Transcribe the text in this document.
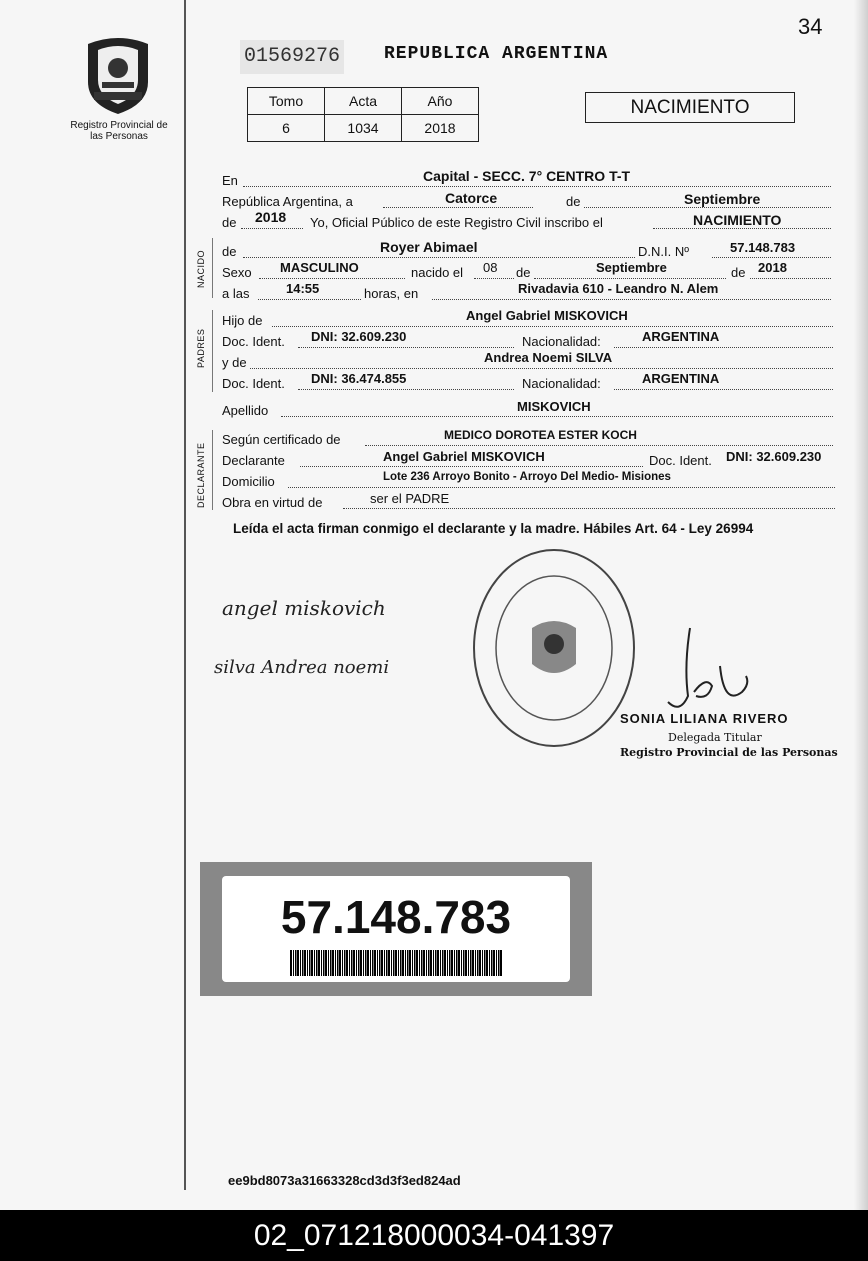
Registro Provincial de las Personas
01569276 REPUBLICA ARGENTINA
34
Tomo	Acta	Año
6	1034	2018
NACIMIENTO
En	Capital - SECC. 7° CENTRO T-T
República Argentina, a	Catorce	de	Septiembre
de 2018 Yo, Oficial Público de este Registro Civil inscribo el	NACIMIENTO
NACIDO de	Royer Abimael	D.N.I. Nº	57.148.783
Sexo MASCULINO	nacido el 08 de	Septiembre	de 2018
a las	14:55	horas, en	Rivadavia 610 - Leandro N. Alem
PADRES
Hijo de	Angel Gabriel MISKOVICH
Doc. Ident. DNI: 32.609.230	Nacionalidad:	ARGENTINA
y de	Andrea Noemi SILVA
Doc. Ident. DNI: 36.474.855	Nacionalidad:	ARGENTINA
Apellido	MISKOVICH
DECLARANTE
Según certificado de	MEDICO DOROTEA ESTER KOCH
Declarante	Angel Gabriel MISKOVICH	Doc. Ident. DNI: 32.609.230
Domicilio	Lote 236 Arroyo Bonito - Arroyo Del Medio- Misiones
Obra en virtud de	ser el PADRE
Leída el acta firman conmigo el declarante y la madre. Hábiles Art. 64 - Ley 26994
angel miskovich
silva Andrea noemi
SONIA LILIANA RIVERO
Delegada Titular
Registro Provincial de las Personas
57.148.783
ee9bd8073a31663328cd3d3f3ed824ad
02_071218000034-041397
